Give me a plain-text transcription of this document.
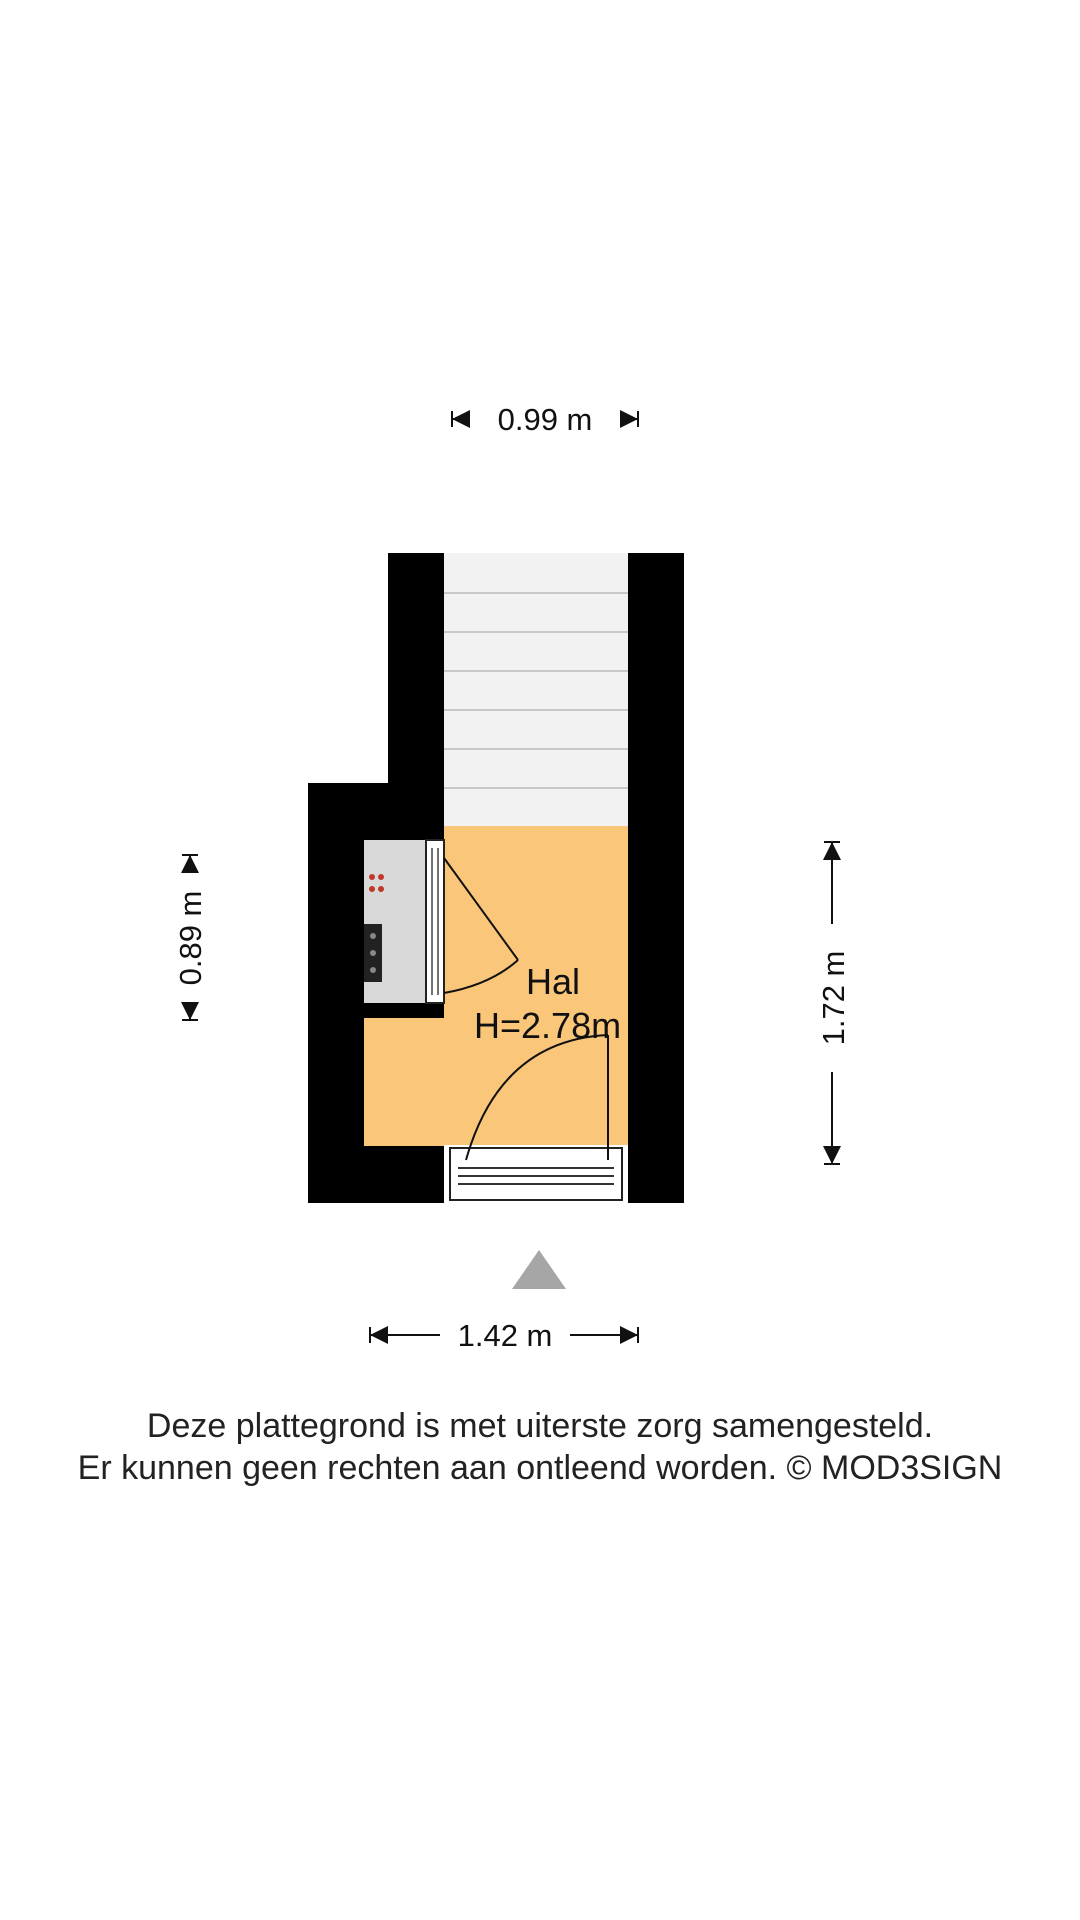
Hal
H=2.78m
0.99 m
0.89 m
1.72 m
1.42 m
Deze plattegrond is met uiterste zorg samengesteld.
Er kunnen geen rechten aan ontleend worden. © MOD3SIGN
